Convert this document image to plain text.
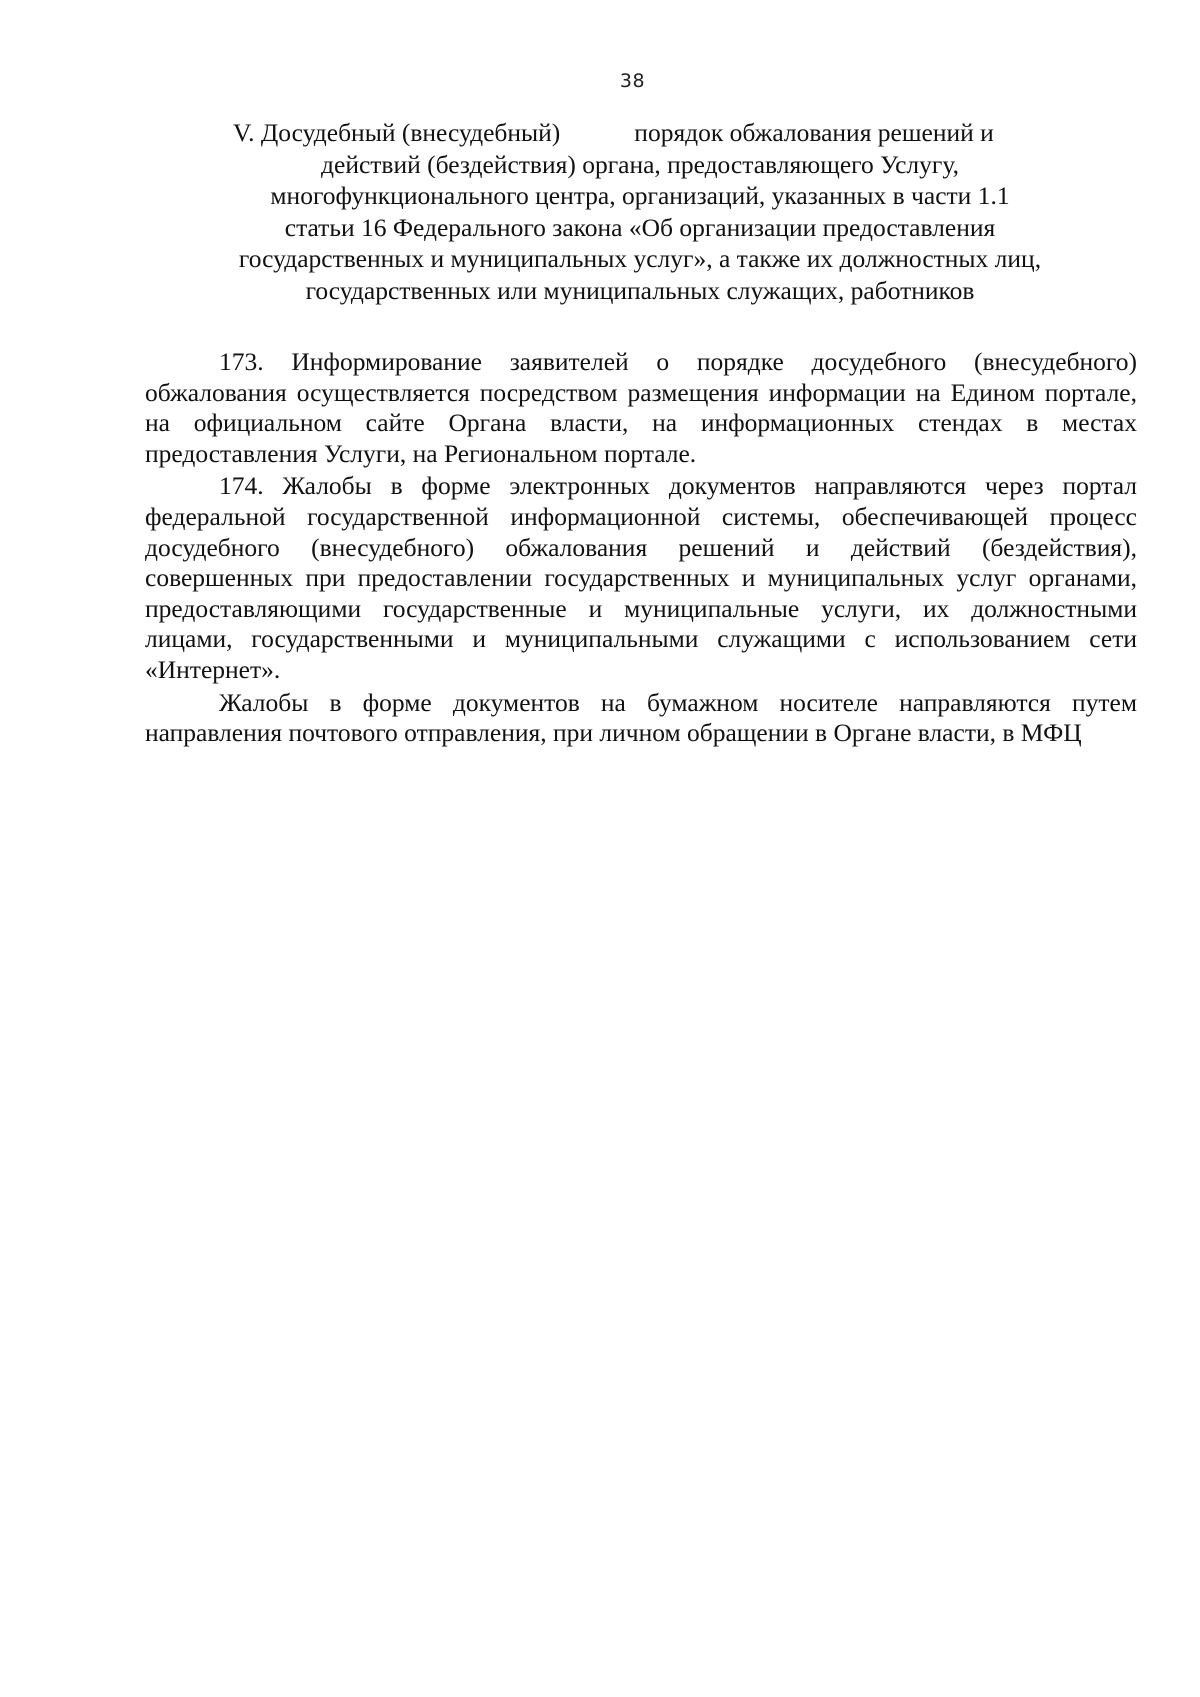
38
V. Досудебный (внесудебный)	порядок обжалования решений и
действий (бездействия) органа, предоставляющего Услугу,
многофункционального центра, организаций, указанных в части 1.1
статьи 16 Федерального закона «Об организации предоставления
государственных и муниципальных услуг», а также их должностных лиц,
государственных или муниципальных служащих, работников

173. Информирование заявителей о порядке досудебного (внесудебного) обжалования осуществляется посредством размещения информации на Едином портале, на официальном сайте Органа власти, на информационных стендах в местах предоставления Услуги, на Региональном портале.

174. Жалобы в форме электронных документов направляются через портал федеральной государственной информационной системы, обеспечивающей процесс досудебного (внесудебного) обжалования решений и действий (бездействия), совершенных при предоставлении государственных и муниципальных услуг органами, предоставляющими государственные и муниципальные услуги, их должностными лицами, государственными и муниципальными служащими с использованием сети «Интернет».

Жалобы в форме документов на бумажном носителе направляются путем направления почтового отправления, при личном обращении в Органе власти, в МФЦ
